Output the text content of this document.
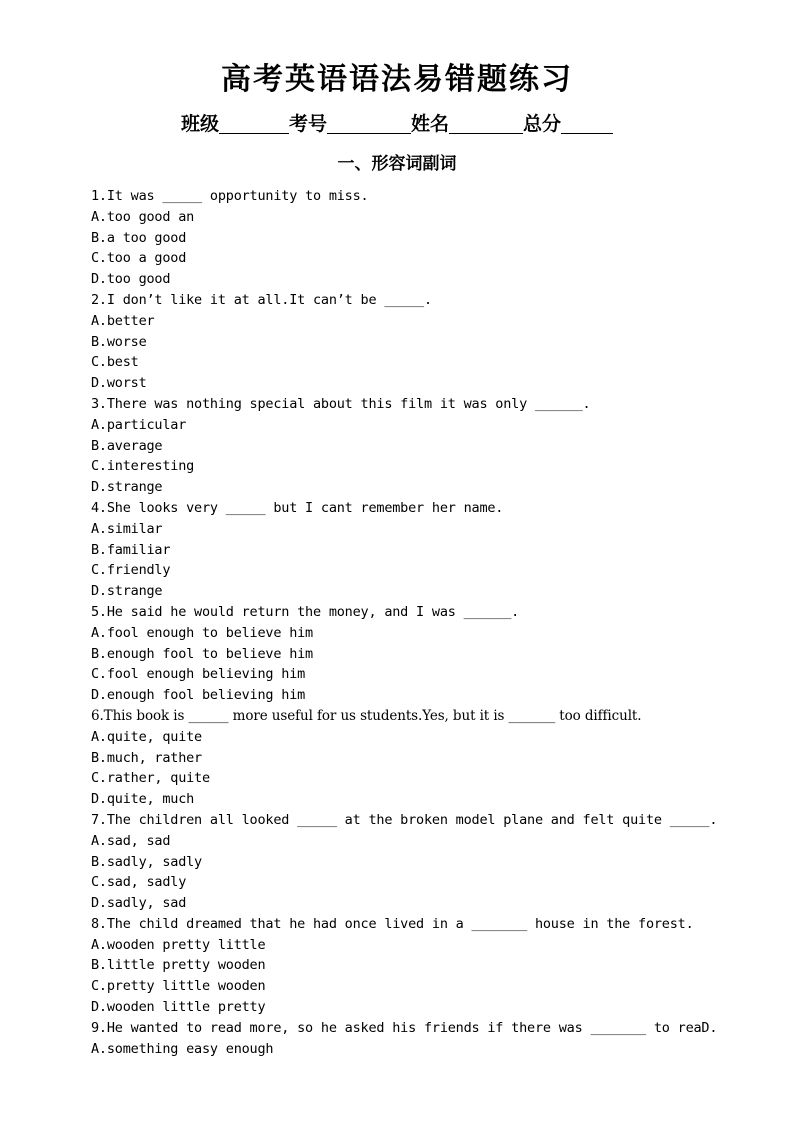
高考英语语法易错题练习
班级	考号	姓名	总分
一、形容词副词
1.It was _____ opportunity to miss.
A.too good an
B.a too good
C.too a good
D.too good
2.I don’t like it at all.It can’t be _____.
A.better
B.worse
C.best
D.worst
3.There was nothing special about this film it was only ______.
A.particular
B.average
C.interesting
D.strange
4.She looks very _____ but I cant remember her name.
A.similar
B.familiar
C.friendly
D.strange
5.He said he would return the money, and I was ______.
A.fool enough to believe him
B.enough fool to believe him
C.fool enough believing him
D.enough fool believing him
6.This book is ______ more useful for us students.Yes, but it is _______ too difficult.
A.quite, quite
B.much, rather
C.rather, quite
D.quite, much
7.The children all looked _____ at the broken model plane and felt quite _____.
A.sad, sad
B.sadly, sadly
C.sad, sadly
D.sadly, sad
8.The child dreamed that he had once lived in a _______ house in the forest.
A.wooden pretty little
B.little pretty wooden
C.pretty little wooden
D.wooden little pretty
9.He wanted to read more, so he asked his friends if there was _______ to reaD.
A.something easy enough
